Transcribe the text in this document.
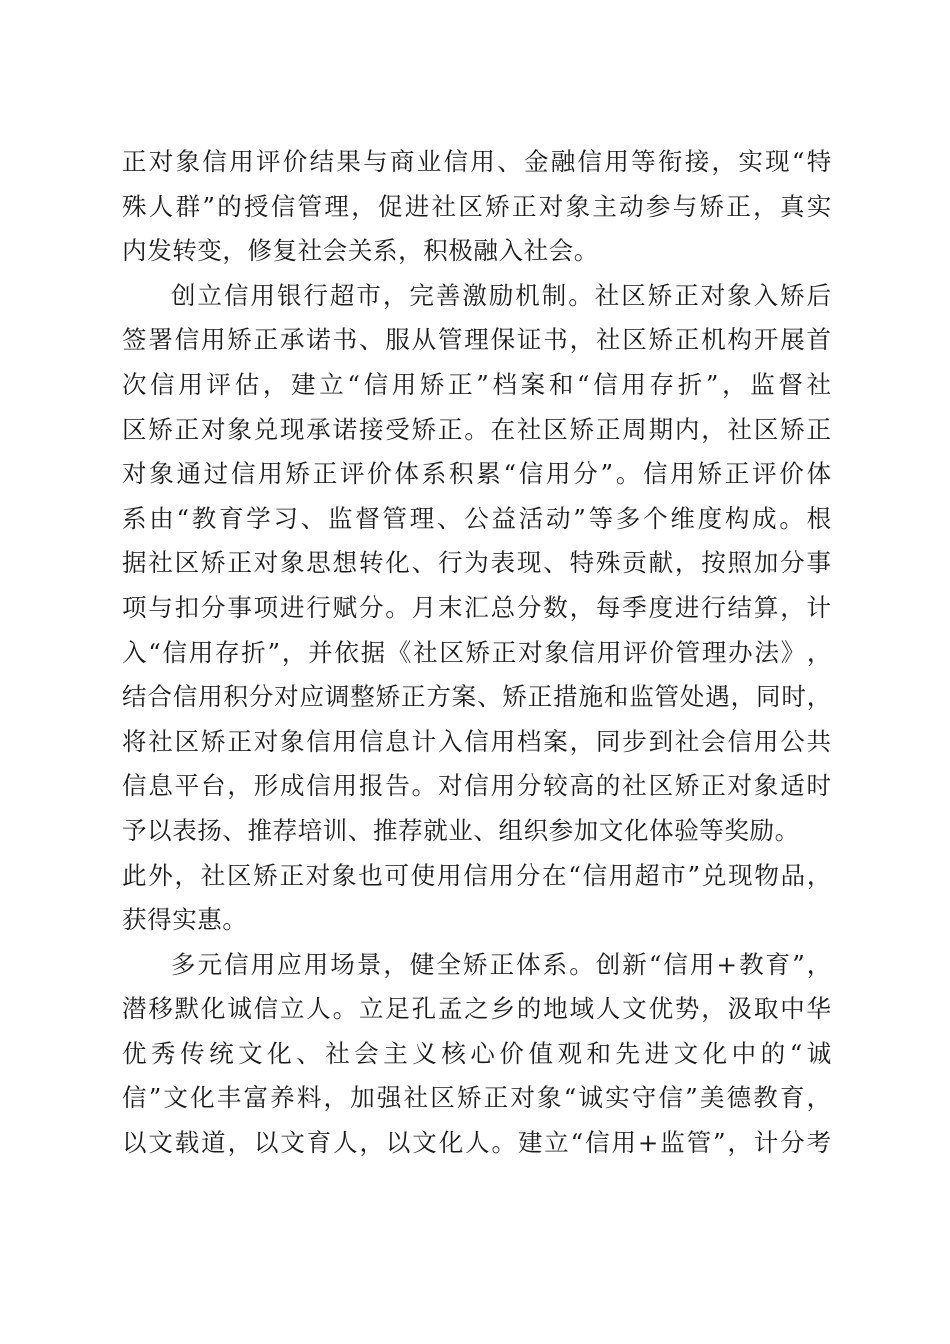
正 对 象 信 用 评 价 结 果 与 商 业 信 用 、 金 融 信 用 等 衔 接 ， 实 现 “ 特
殊 人 群 ” 的 授 信 管 理 ， 促 进 社 区 矫 正 对 象 主 动 参 与 矫 正 ， 真 实
内发转变，修复社会关系，积极融入社会。
创 立 信 用 银 行 超 市 ， 完 善 激 励 机 制 。 社 区 矫 正 对 象 入 矫 后
签 署 信 用 矫 正 承 诺 书 、 服 从 管 理 保 证 书 ， 社 区 矫 正 机 构 开 展 首
次 信 用 评 估 ， 建 立 “ 信 用 矫 正 ” 档 案 和 “ 信 用 存 折 ” ， 监 督 社
区 矫 正 对 象 兑 现 承 诺 接 受 矫 正 。 在 社 区 矫 正 周 期 内 ， 社 区 矫 正
对 象 通 过 信 用 矫 正 评 价 体 系 积 累 “ 信 用 分 ” 。 信 用 矫 正 评 价 体
系 由 “ 教 育 学 习 、 监 督 管 理 、 公 益 活 动 ” 等 多 个 维 度 构 成 。 根
据 社 区 矫 正 对 象 思 想 转 化 、 行 为 表 现 、 特 殊 贡 献 ， 按 照 加 分 事
项 与 扣 分 事 项 进 行 赋 分 。 月 末 汇 总 分 数 ， 每 季 度 进 行 结 算 ， 计
入 “ 信 用 存 折 ” ， 并 依 据 《 社 区 矫 正 对 象 信 用 评 价 管 理 办 法 》 ，
结 合 信 用 积 分 对 应 调 整 矫 正 方 案 、 矫 正 措 施 和 监 管 处 遇 ， 同 时 ，
将 社 区 矫 正 对 象 信 用 信 息 计 入 信 用 档 案 ， 同 步 到 社 会 信 用 公 共
信 息 平 台 ， 形 成 信 用 报 告 。 对 信 用 分 较 高 的 社 区 矫 正 对 象 适 时
予以表扬、推荐培训、推荐就业、组织参加文化体验等奖励。
此 外 ， 社 区 矫 正 对 象 也 可 使 用 信 用 分 在 “ 信 用 超 市 ” 兑 现 物 品 ，
获得实惠。
多 元 信 用 应 用 场 景 ， 健 全 矫 正 体 系 。 创 新 “ 信 用 + 教 育 ” ，
潜 移 默 化 诚 信 立 人 。 立 足 孔 孟 之 乡 的 地 域 人 文 优 势 ， 汲 取 中 华
优 秀 传 统 文 化 、 社 会 主 义 核 心 价 值 观 和 先 进 文 化 中 的 “ 诚
信 ” 文 化 丰 富 养 料 ， 加 强 社 区 矫 正 对 象 “ 诚 实 守 信 ” 美 德 教 育 ，
以 文 载 道 ， 以 文 育 人 ， 以 文 化 人 。 建 立 “ 信 用 + 监 管 ” ， 计 分 考
